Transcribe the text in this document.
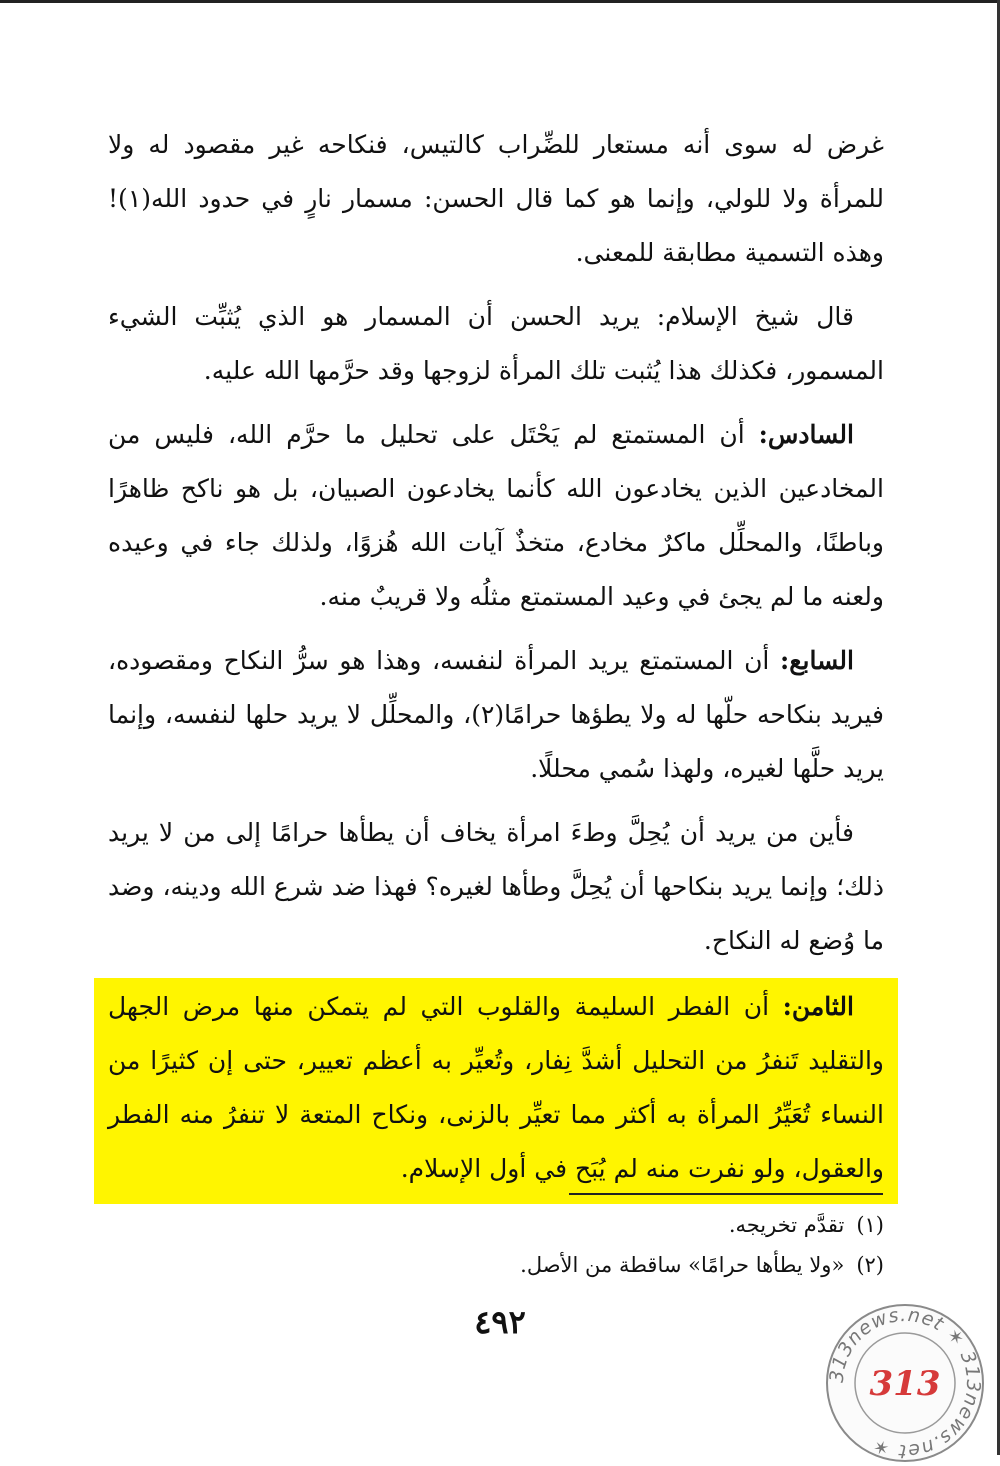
غرض له سوى أنه مستعار للضِّراب كالتيس، فنكاحه غير مقصود له ولا للمرأة ولا للولي، وإنما هو كما قال الحسن: مسمار نارٍ في حدود الله(١)! وهذه التسمية مطابقة للمعنى.

قال شيخ الإسلام: يريد الحسن أن المسمار هو الذي يُثبِّت الشيء المسمور، فكذلك هذا يُثبت تلك المرأة لزوجها وقد حرَّمها الله عليه.

السادس: أن المستمتع لم يَحْتَل على تحليل ما حرَّم الله، فليس من المخادعين الذين يخادعون الله كأنما يخادعون الصبيان، بل هو ناكح ظاهرًا وباطنًا، والمحلِّل ماكرٌ مخادع، متخذٌ آيات الله هُزوًا، ولذلك جاء في وعيده ولعنه ما لم يجئ في وعيد المستمتع مثلُه ولا قريبٌ منه.

السابع: أن المستمتع يريد المرأة لنفسه، وهذا هو سرُّ النكاح ومقصوده، فيريد بنكاحه حلّها له ولا يطؤها حرامًا(٢)، والمحلِّل لا يريد حلها لنفسه، وإنما يريد حلَّها لغيره، ولهذا سُمي محللًا.

فأين من يريد أن يُحِلَّ وطءَ امرأة يخاف أن يطأها حرامًا إلى من لا يريد ذلك؛ وإنما يريد بنكاحها أن يُحِلَّ وطأها لغيره؟ فهذا ضد شرع الله ودينه، وضد ما وُضع له النكاح.

الثامن: أن الفطر السليمة والقلوب التي لم يتمكن منها مرض الجهل والتقليد تَنفرُ من التحليل أشدَّ نِفار، وتُعيِّر به أعظم تعيير، حتى إن كثيرًا من النساء تُعَيِّرُ المرأة به أكثر مما تعيِّر بالزنى، ونكاح المتعة لا تنفرُ منه الفطر والعقول، ولو نفرت منه لم يُبَح في أول الإسلام.

(١)تقدَّم تخريجه.
(٢)«ولا يطأها حرامًا» ساقطة من الأصل.
٤٩٢
313news.net ✶ 313news.net ✶
313
